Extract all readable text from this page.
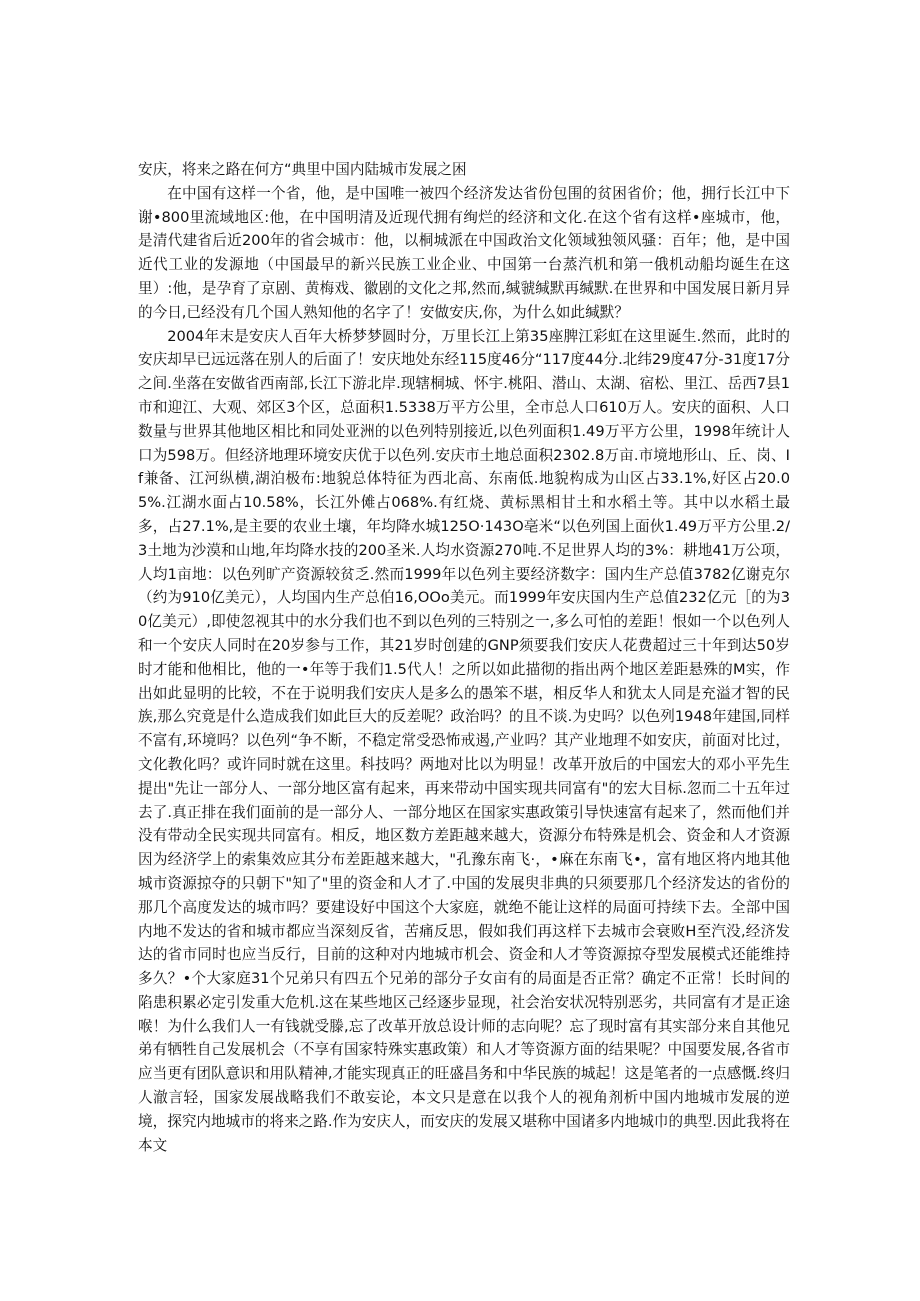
安庆，将来之路在何方“典里中国内陆城市发展之困

在中国有这样一个省，他，是中国唯一被四个经济发达省份包围的贫困省价；他，拥行长江中下谢•800里流域地区:他，在中国明清及近现代拥有绚烂的经济和文化.在这个省有这样•座城市，他，是清代建省后近200年的省会城市：他，以桐城派在中国政治文化领域独领风骚：百年；他，是中国近代工业的发源地（中国最早的新兴民族工业企业、中国第一台蒸汽机和第一俄机动船均诞生在这里）:他，是孕育了京剧、黄梅戏、徽剧的文化之邦,然而,缄虢缄默再缄默.在世界和中国发展日新月异的今日,已经没有几个国人熟知他的名字了！安做安庆,你，为什么如此缄默？

2004年末是安庆人百年大桥梦梦圆时分，万里长江上第35座脾江彩虹在这里诞生.然而，此时的安庆却早已远远落在别人的后面了！安庆地处东经115度46分“117度44分.北纬29度47分-31度17分之间.坐落在安做省西南部,长江下游北岸.现辖桐城、怀宇.桃阳、潜山、太湖、宿松、里江、岳西7县1市和迎江、大观、郊区3个区，总面积1.5338万平方公里，全市总人口610万人。安庆的面积、人口数量与世界其他地区相比和同处亚洲的以色列特别接近,以色列面积1.49万平方公里，1998年统计人口为598万。但经济地理环境安庆优于以色列.安庆市土地总面积2302.8万亩.市境地形山、丘、岗、If兼备、江河纵横,湖泊极布:地貌总体特征为西北高、东南低.地貌构成为山区占33.1%,好区占20.05%.江湖水面占10.58%，长江外傩占068%.有红烧、黄标黑相甘土和水稻土等。其中以水稻土最多，占27.1%,是主要的农业土壤，年均降水城125O·143O亳米“以色列国上面伙1.49万平方公里.2/3土地为沙漠和山地,年均降水技的200圣米.人均水资源270吨.不足世界人均的3%：耕地41万公项，人均1亩地：以色列旷产资源较贫乏.然而1999年以色列主要经济数字：国内生产总值3782亿谢克尔（约为910亿美元），人均国内生产总伯16,OOo美元。而1999年安庆国内生产总值232亿元［的为30亿美元）,即使忽视其中的水分我们也不到以色列的三特别之一,多么可怕的差距！恨如一个以色列人和一个安庆人同时在20岁参与工作，其21岁时创建的GNP须要我们安庆人花费超过三十年到达50岁时才能和他相比，他的一•年等于我们1.5代人！之所以如此描彻的指出两个地区差距悬殊的M实，作出如此显明的比较，不在于说明我们安庆人是多么的愚笨不堪，相反华人和犹太人同是充溢才智的民族,那么究竟是什么造成我们如此巨大的反差呢？政治吗？的且不谈.为史吗？以色列1948年建国,同样不富有,环境吗？以色列“争不断，不稳定常受恐怖戒遏,产业吗？其产业地理不如安庆，前面对比过，文化教化吗？或许同时就在这里。科技吗？两地对比以为明显！改革开放后的中国宏大的邓小平先生提出"先让一部分人、一部分地区富有起来，再来带动中国实现共同富有"的宏大目标.忽而二十五年过去了.真正排在我们面前的是一部分人、一部分地区在国家实惠政策引导快速富有起来了，然而他们并没有带动全民实现共同富有。相反，地区数方差距越来越大，资源分布特殊是机会、资金和人才资源因为经济学上的索集效应其分布差距越来越大，"孔豫东南飞·，•麻在东南飞•，富有地区将内地其他城市资源掠夺的只朝下"知了"里的资金和人才了.中国的发展臾非典的只须要那几个经济发达的省份的那几个高度发达的城市吗？要建设好中国这个大家庭，就绝不能让这样的局面可持续下去。全部中国内地不发达的省和城市都应当深刻反省，苦痛反思，假如我们再这样下去城市会衰败H至汽没,经济发达的省市同时也应当反行，目前的这种对内地城市机会、资金和人才等资源掠夺型发展模式还能维持多久？•个大家庭31个兄弟只有四五个兄弟的部分子女亩有的局面是否正常？确定不正常！长时间的陷患积累必定引发重大危机.这在某些地区己经逐步显现，社会治安状况特别恶劣，共同富有才是正途喉！为什么我们人一有钱就受滕,忘了改革开放总设计师的志向呢？忘了现时富有其实部分来自其他兄弟有牺牲自己发展机会（不享有国家特殊实惠政策）和人才等资源方面的结果呢？中国要发展,各省市应当更有团队意识和用队精神,才能实现真正的旺盛昌务和中华民族的城起！这是笔者的一点感慨.终归人澈言轻，国家发展战略我们不敢妄论，本文只是意在以我个人的视角剂析中国内地城市发展的逆境，探究内地城市的将来之路.作为安庆人，而安庆的发展又堪称中国诸多内地城巾的典型.因此我将在本文
